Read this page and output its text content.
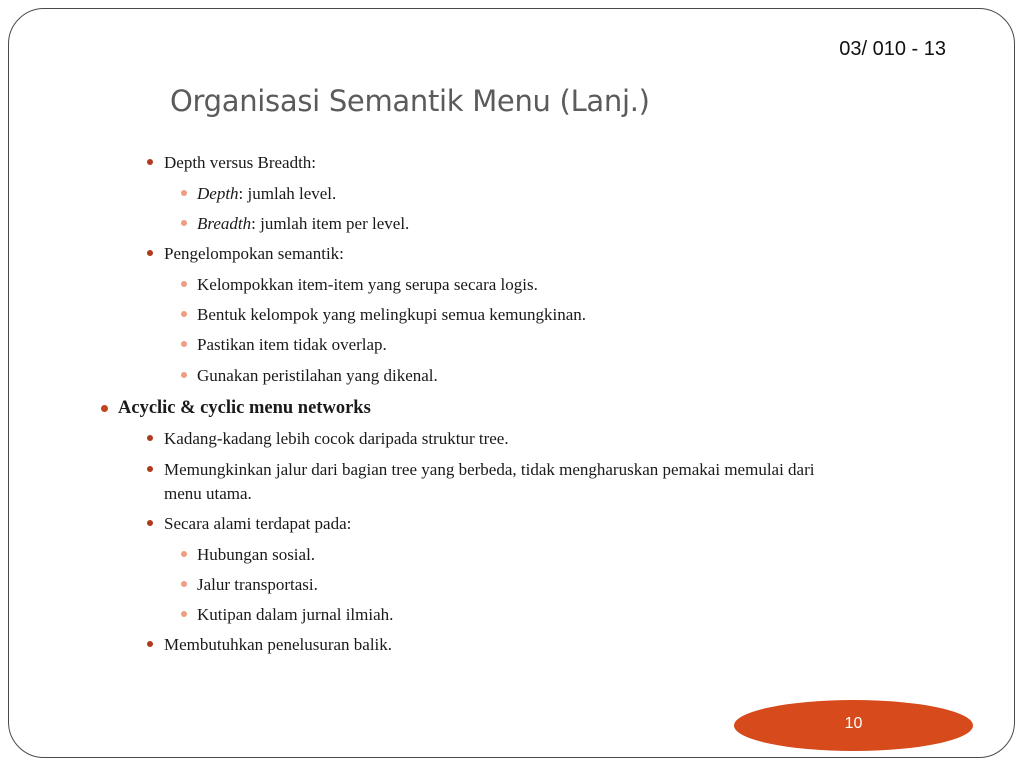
03/ 010 - 13
Organisasi Semantik Menu (Lanj.)
Depth versus Breadth:
Depth: jumlah level.
Breadth: jumlah item per level.
Pengelompokan semantik:
Kelompokkan item-item yang serupa secara logis.
Bentuk kelompok yang melingkupi semua kemungkinan.
Pastikan item tidak overlap.
Gunakan peristilahan yang dikenal.
Acyclic & cyclic menu networks
Kadang-kadang lebih cocok daripada struktur tree.
Memungkinkan jalur dari bagian tree yang berbeda, tidak mengharuskan pemakai memulai dari
menu utama.
Secara alami terdapat pada:
Hubungan sosial.
Jalur transportasi.
Kutipan dalam jurnal ilmiah.
Membutuhkan penelusuran balik.
10
